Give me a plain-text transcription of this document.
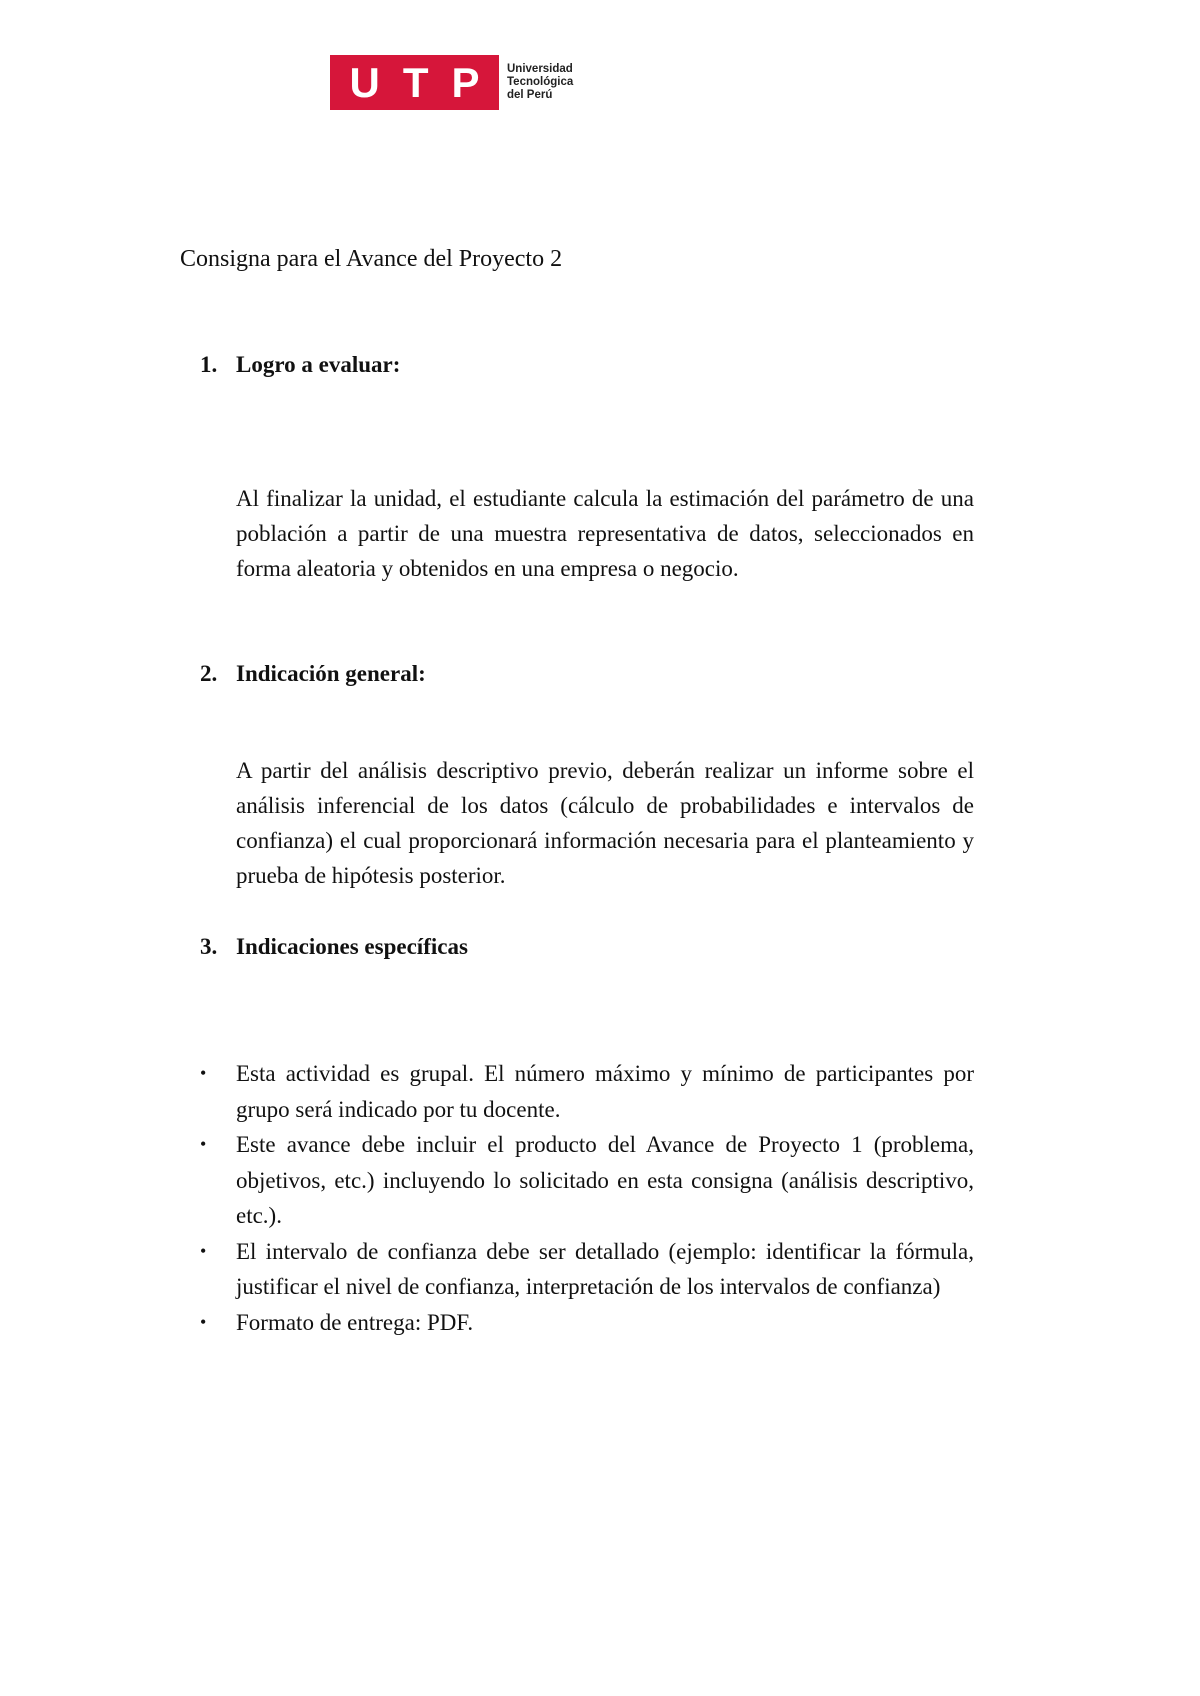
U T P Universidad
Tecnológica
del Perú
Consigna para el Avance del Proyecto 2
1. Logro a evaluar:

Al finalizar la unidad, el estudiante calcula la estimación del parámetro de una población a partir de una muestra representativa de datos, seleccionados en forma aleatoria y obtenidos en una empresa o negocio.

2. Indicación general:

A partir del análisis descriptivo previo, deberán realizar un informe sobre el análisis inferencial de los datos (cálculo de probabilidades e intervalos de confianza) el cual proporcionará información necesaria para el planteamiento y prueba de hipótesis posterior.

3. Indicaciones específicas
•	Esta actividad es grupal. El número máximo y mínimo de participantes por grupo será indicado por tu docente.
•	Este avance debe incluir el producto del Avance de Proyecto 1 (problema, objetivos, etc.) incluyendo lo solicitado en esta consigna (análisis descriptivo, etc.).
•	El intervalo de confianza debe ser detallado (ejemplo: identificar la fórmula, justificar el nivel de confianza, interpretación de los intervalos de confianza)
•	Formato de entrega: PDF.
